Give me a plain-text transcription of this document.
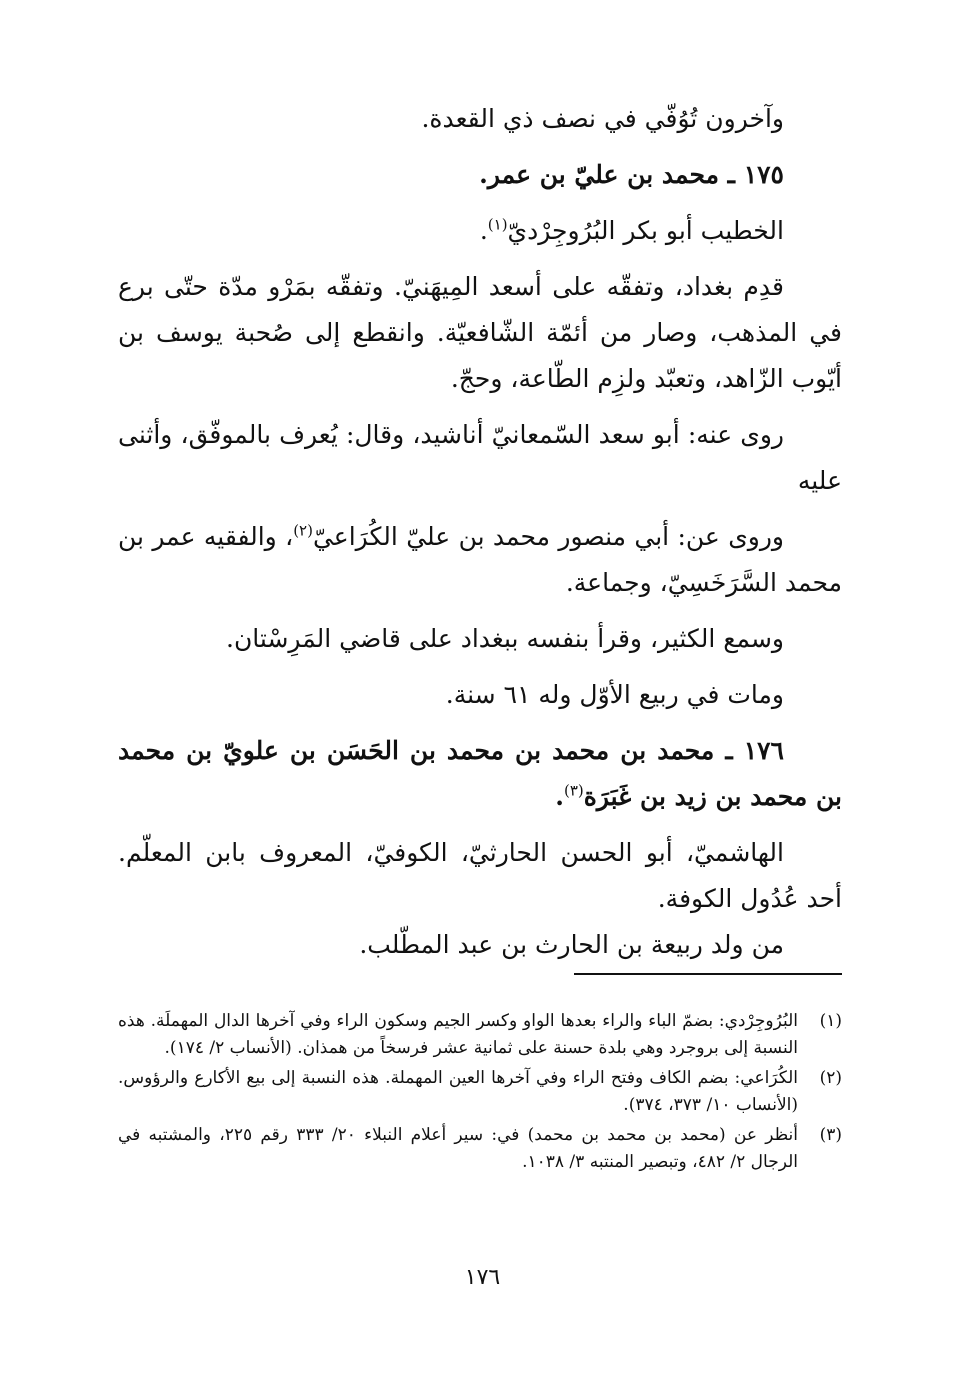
وآخرون تُوُفّي في نصف ذي القعدة.

١٧٥ ـ محمد بن عليّ بن عمر.

الخطيب أبو بكر البُرُوجِرْديّ$^{(١)}$.

قدِم بغداد، وتفقّه على أسعد المِيهَنيّ. وتفقّه بمَرْو مدّة حتّى برع في المذهب، وصار من أئمّة الشّافعيّة. وانقطع إلى صُحبة يوسف بن أيّوب الزّاهد، وتعبّد ولزِم الطّاعة، وحجّ.

روى عنه: أبو سعد السّمعانيّ أناشيد، وقال: يُعرف بالموفّق، وأثنى عليه

وروى عن: أبي منصور محمد بن عليّ الكُرَاعيّ$^{(٢)}$، والفقيه عمر بن محمد السَّرَخَسِيّ، وجماعة.

وسمع الكثير، وقرأ بنفسه ببغداد على قاضي المَرِسْتان.

ومات في ربيع الأوّل وله ٦١ سنة.

١٧٦ ـ محمد بن محمد بن محمد بن الحَسَن بن علويّ بن محمد بن محمد بن زيد بن غَبَرَة$^{(٣)}$.

الهاشميّ، أبو الحسن الحارثيّ، الكوفيّ، المعروف بابن المعلّم. أحد عُدُول الكوفة.

من ولد ربيعة بن الحارث بن عبد المطّلب.

(١)
البُرُوجِرْدي: بضمّ الباء والراء بعدها الواو وكسر الجيم وسكون الراء وفي آخرها الدال المهملَة. هذه النسبة إلى بروجرد وهي بلدة حسنة على ثمانية عشر فرسخاً من همذان. (الأنساب ٢/ ١٧٤).
(٢)
الكُرَاعي: بضم الكاف وفتح الراء وفي آخرها العين المهملة. هذه النسبة إلى بيع الأكارع والرؤوس. (الأنساب ١٠/ ٣٧٣، ٣٧٤).
(٣)
أنظر عن (محمد بن محمد بن محمد) في: سير أعلام النبلاء ٢٠/ ٣٣٣ رقم ٢٢٥، والمشتبه في الرجال ٢/ ٤٨٢، وتبصير المنتبه ٣/ ١٠٣٨.
١٧٦
